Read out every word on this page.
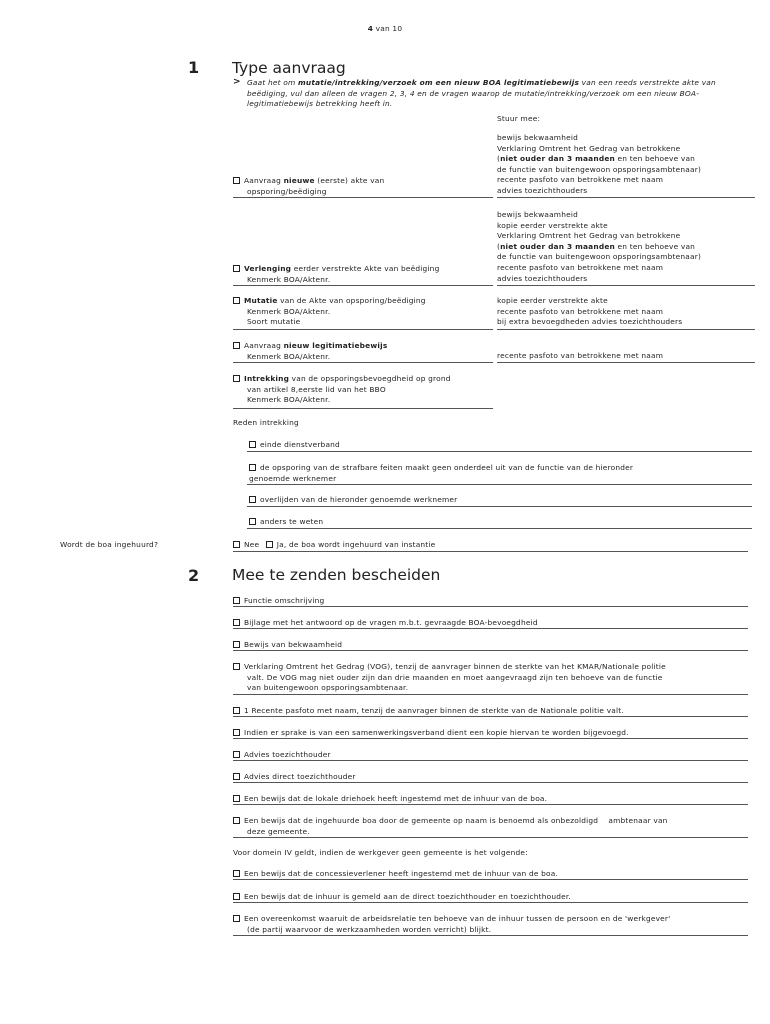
4 van 10
1 Type aanvraag
> Gaat het om mutatie/intrekking/verzoek om een nieuw BOA legitimatiebewijs van een reeds verstrekte akte van beëdiging, vul dan alleen de vragen 2, 3, 4 en de vragen waarop de mutatie/intrekking/verzoek om een nieuw BOA-legitimatiebewijs betrekking heeft in.
Stuur mee:
bewijs bekwaamheid
Verklaring Omtrent het Gedrag van betrokkene
(niet ouder dan 3 maanden en ten behoeve van
de functie van buitengewoon opsporingsambtenaar)
recente pasfoto van betrokkene met naam
advies toezichthouders
Aanvraag nieuwe (eerste) akte van
opsporing/beëdiging
bewijs bekwaamheid
kopie eerder verstrekte akte
Verklaring Omtrent het Gedrag van betrokkene
(niet ouder dan 3 maanden en ten behoeve van
de functie van buitengewoon opsporingsambtenaar)
recente pasfoto van betrokkene met naam
advies toezichthouders
Verlenging eerder verstrekte Akte van beëdiging
Kenmerk BOA/Aktenr.
Mutatie van de Akte van opsporing/beëdiging
Kenmerk BOA/Aktenr.
Soort mutatie
kopie eerder verstrekte akte
recente pasfoto van betrokkene met naam
bij extra bevoegdheden advies toezichthouders
Aanvraag nieuw legitimatiebewijs
Kenmerk BOA/Aktenr.	recente pasfoto van betrokkene met naam
Intrekking van de opsporingsbevoegdheid op grond
van artikel 8,eerste lid van het BBO
Kenmerk BOA/Aktenr.
Reden intrekking
einde dienstverband
de opsporing van de strafbare feiten maakt geen onderdeel uit van de functie van de hieronder
genoemde werknemer
overlijden van de hieronder genoemde werknemer
anders te weten
Wordt de boa ingehuurd?	Nee Ja, de boa wordt ingehuurd van instantie
2 Mee te zenden bescheiden
Functie omschrijving
Bijlage met het antwoord op de vragen m.b.t. gevraagde BOA-bevoegdheid
Bewijs van bekwaamheid
Verklaring Omtrent het Gedrag (VOG), tenzij de aanvrager binnen de sterkte van het KMAR/Nationale politie
valt. De VOG mag niet ouder zijn dan drie maanden en moet aangevraagd zijn ten behoeve van de functie
van buitengewoon opsporingsambtenaar.
1 Recente pasfoto met naam, tenzij de aanvrager binnen de sterkte van de Nationale politie valt.
Indien er sprake is van een samenwerkingsverband dient een kopie hiervan te worden bijgevoegd.
Advies toezichthouder
Advies direct toezichthouder
Een bewijs dat de lokale driehoek heeft ingestemd met de inhuur van de boa.
Een bewijs dat de ingehuurde boa door de gemeente op naam is benoemd als onbezoldigd    ambtenaar van
deze gemeente.
Voor domein IV geldt, indien de werkgever geen gemeente is het volgende:
Een bewijs dat de concessieverlener heeft ingestemd met de inhuur van de boa.
Een bewijs dat de inhuur is gemeld aan de direct toezichthouder en toezichthouder.
Een overeenkomst waaruit de arbeidsrelatie ten behoeve van de inhuur tussen de persoon en de 'werkgever'
(de partij waarvoor de werkzaamheden worden verricht) blijkt.
